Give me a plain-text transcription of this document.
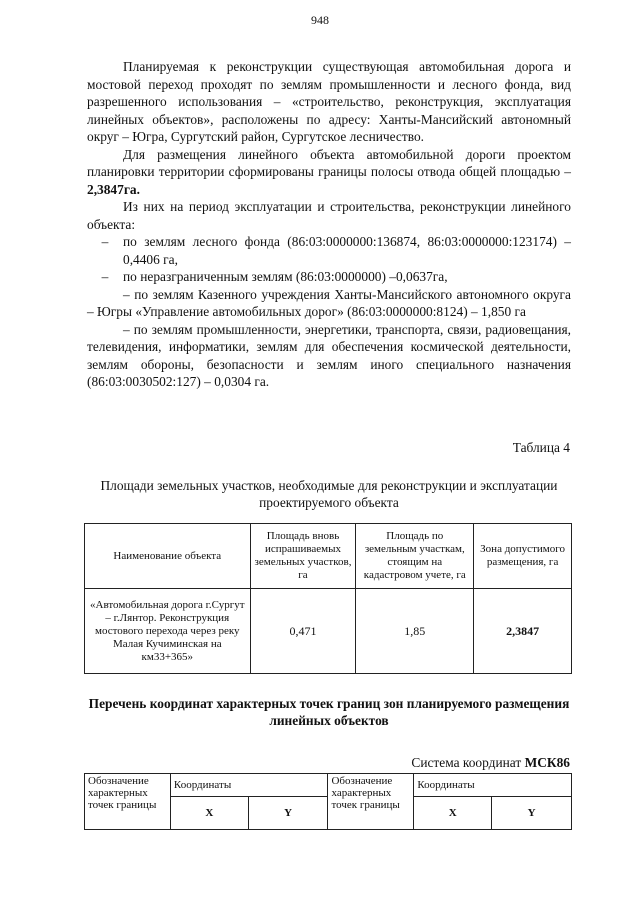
948

Планируемая к реконструкции существующая автомобильная дорога и мостовой переход проходят по землям промышленности и лесного фонда, вид разрешенного использования – «строительство, реконструкция, эксплуатация линейных объектов», расположены по адресу: Ханты-Мансийский автономный округ – Югра, Сургутский район, Сургутское лесничество.

Для размещения линейного объекта автомобильной дороги проектом планировки территории сформированы границы полосы отвода общей площадью – 2,3847га.

Из них на период эксплуатации и строительства, реконструкции линейного объекта:

–	по землям лесного фонда (86:03:0000000:136874, 86:03:0000000:123174) – 0,4406 га,
–	по неразграниченным землям (86:03:0000000) –0,0637га,

– по землям Казенного учреждения Ханты-Мансийского автономного округа – Югры «Управление автомобильных дорог» (86:03:0000000:8124) – 1,850 га

– по землям промышленности, энергетики, транспорта, связи, радиовещания, телевидения, информатики, землям для обеспечения космической деятельности, землям обороны, безопасности и землям иного специального назначения (86:03:0030502:127) – 0,0304 га.

Таблица 4
Площади земельных участков, необходимые для реконструкции и эксплуатации проектируемого объекта
Наименование объекта	Площадь вновь испрашиваемых земельных участков, га	Площадь по земельным участкам, стоящим на кадастровом учете, га	Зона допустимого размещения, га
«Автомобильная дорога г.Сургут – г.Лянтор. Реконструкция мостового перехода через реку Малая Кучиминская на км33+365»	0,471	1,85	2,3847
Перечень координат характерных точек границ зон планируемого размещения линейных объектов
Система координат МСК86
Обозначение характерных точек границы	Координаты		Обозначение характерных точек границы	Координаты	
	X	Y		X	Y
